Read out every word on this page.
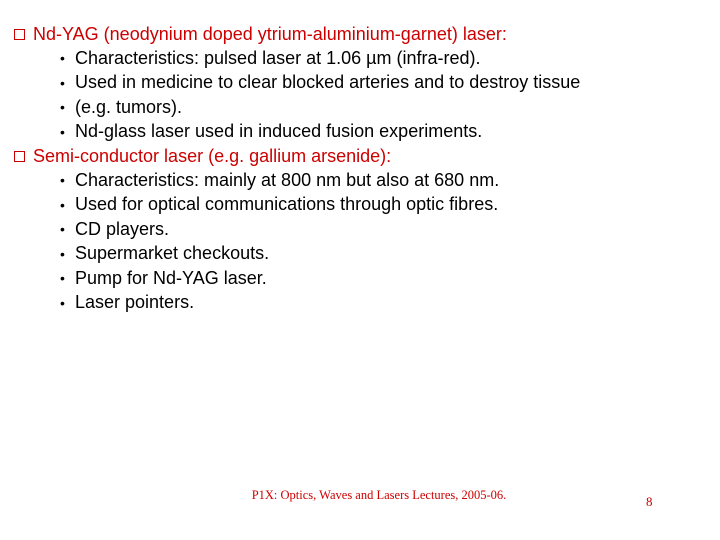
Nd-YAG (neodynium doped ytrium-aluminium-garnet) laser:
• Characteristics: pulsed laser at 1.06 µm (infra-red).
• Used in medicine to clear blocked arteries and to destroy tissue
• (e.g. tumors).
• Nd-glass laser used in induced fusion experiments.
Semi-conductor laser (e.g. gallium arsenide):
• Characteristics: mainly at 800 nm but also at 680 nm.
• Used for optical communications through optic fibres.
• CD players.
• Supermarket checkouts.
• Pump for Nd-YAG laser.
• Laser pointers.
P1X: Optics, Waves and Lasers Lectures, 2005-06.	8
